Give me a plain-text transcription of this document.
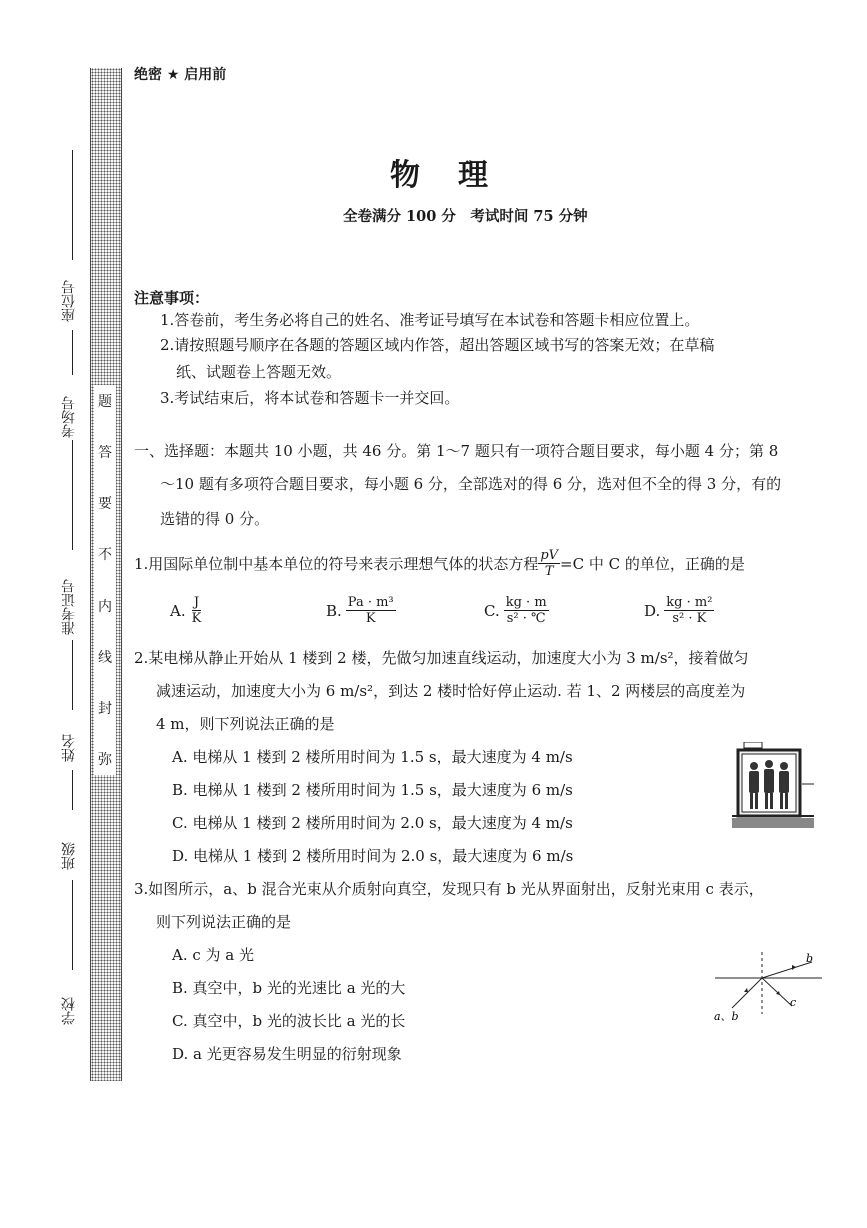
题
答
要
不
内
线
封
弥
座位号
考场号
准考证号
姓名
班级
学校
绝密 ★ 启用前
物理
全卷满分 100 分　考试时间 75 分钟
注意事项：
1.答卷前，考生务必将自己的姓名、准考证号填写在本试卷和答题卡相应位置上。
2.请按照题号顺序在各题的答题区域内作答，超出答题区域书写的答案无效；在草稿
纸、试题卷上答题无效。
3.考试结束后，将本试卷和答题卡一并交回。
一、选择题：本题共 10 小题，共 46 分。第 1～7 题只有一项符合题目要求，每小题 4 分；第 8
～10 题有多项符合题目要求，每小题 6 分，全部选对的得 6 分，选对但不全的得 3 分，有的
选错的得 0 分。
1.用国际单位制中基本单位的符号来表示理想气体的状态方程 $\frac{pV}{T} =C$ 中 C 的单位，正确的是
A. $\frac{J}{K}$	B. $\frac{\text{Pa · m³}}{K}$	C. $\frac{kg \cdot m}{\text{s² · ℃}}$	D. $\frac{\text{kg · m²}}{\text{s² · K}}$
2.某电梯从静止开始从 1 楼到 2 楼，先做匀加速直线运动，加速度大小为 3 m/s²，接着做匀
减速运动，加速度大小为 6 m/s²，到达 2 楼时恰好停止运动. 若 1、2 两楼层的高度差为
4 m，则下列说法正确的是
A. 电梯从 1 楼到 2 楼所用时间为 1.5 s，最大速度为 4 m/s
B. 电梯从 1 楼到 2 楼所用时间为 1.5 s，最大速度为 6 m/s
C. 电梯从 1 楼到 2 楼所用时间为 2.0 s，最大速度为 4 m/s
D. 电梯从 1 楼到 2 楼所用时间为 2.0 s，最大速度为 6 m/s
3.如图所示，a、b 混合光束从介质射向真空，发现只有 b 光从界面射出，反射光束用 c 表示，
则下列说法正确的是
A. c 为 a 光
B. 真空中，b 光的光速比 a 光的大
C. 真空中，b 光的波长比 a 光的长
D. a 光更容易发生明显的衍射现象
b
c
a、b
